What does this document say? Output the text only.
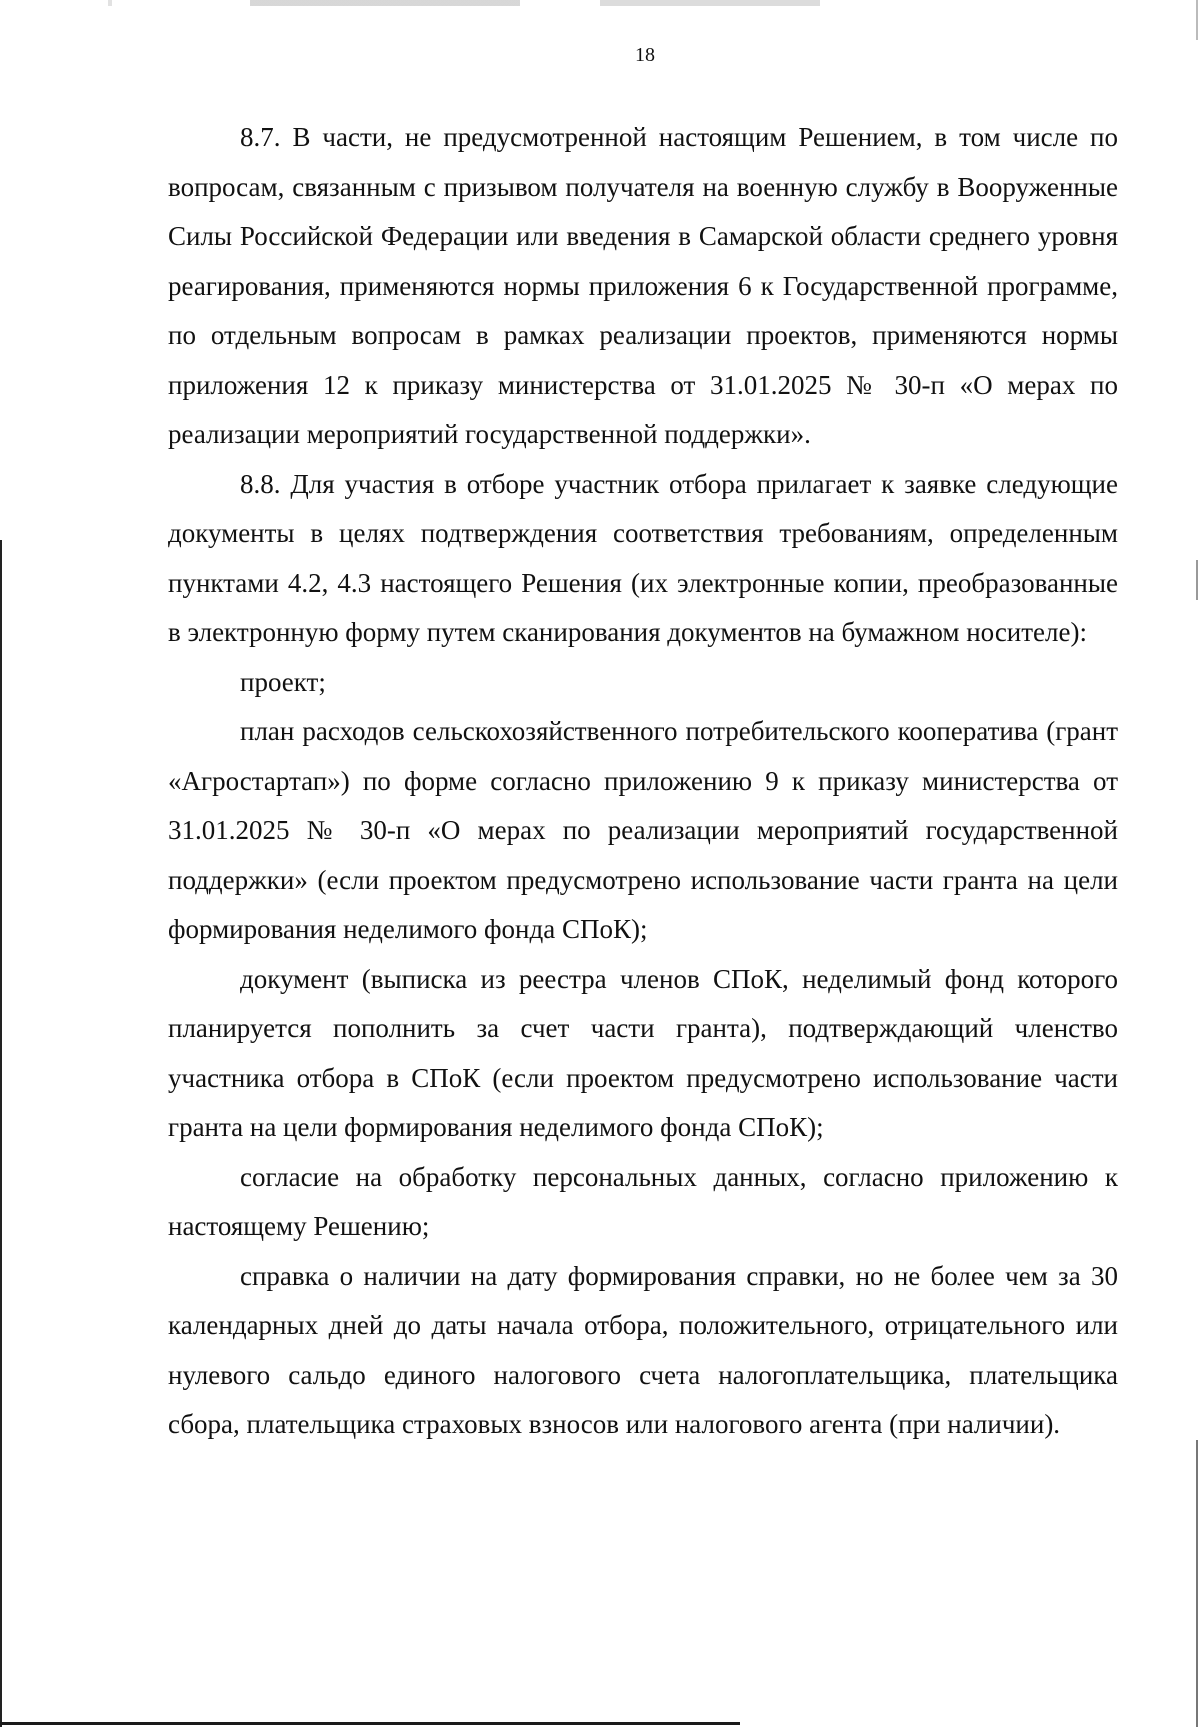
18

8.7. В части, не предусмотренной настоящим Решением, в том числе по вопросам, связанным с призывом получателя на военную службу в Вооруженные Силы Российской Федерации или введения в Самарской области среднего уровня реагирования, применяются нормы приложения 6 к Государственной программе, по отдельным вопросам в рамках реализации проектов, применяются нормы приложения 12 к приказу министерства от 31.01.2025 № 30-п «О мерах по реализации мероприятий государственной поддержки».

8.8. Для участия в отборе участник отбора прилагает к заявке следующие документы в целях подтверждения соответствия требованиям, определенным пунктами 4.2, 4.3 настоящего Решения (их электронные копии, преобразованные в электронную форму путем сканирования документов на бумажном носителе):

проект;

план расходов сельскохозяйственного потребительского кооператива (грант «Агростартап») по форме согласно приложению 9 к приказу министерства от 31.01.2025 № 30-п «О мерах по реализации мероприятий государственной поддержки» (если проектом предусмотрено использование части гранта на цели формирования неделимого фонда СПоК);

документ (выписка из реестра членов СПоК, неделимый фонд которого планируется пополнить за счет части гранта), подтверждающий членство участника отбора в СПоК (если проектом предусмотрено использование части гранта на цели формирования неделимого фонда СПоК);

согласие на обработку персональных данных, согласно приложению к настоящему Решению;

справка о наличии на дату формирования справки, но не более чем за 30 календарных дней до даты начала отбора, положительного, отрицательного или нулевого сальдо единого налогового счета налогоплательщика, плательщика сбора, плательщика страховых взносов или налогового агента (при наличии).
